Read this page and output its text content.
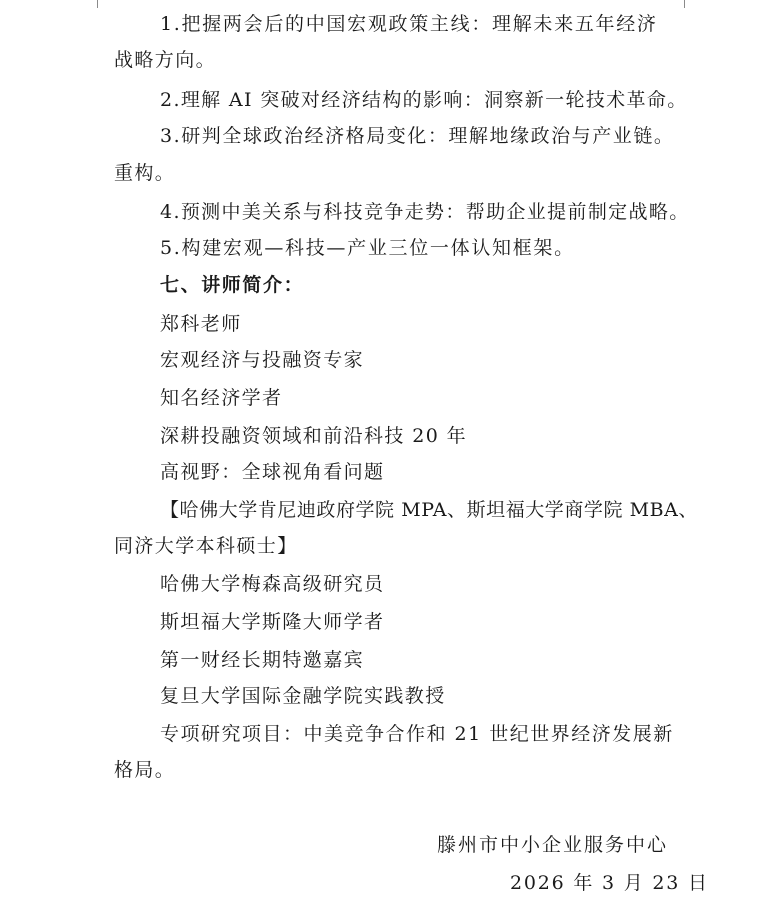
1.把握两会后的中国宏观政策主线：理解未来五年经济
战略方向。
2.理解 AI 突破对经济结构的影响：洞察新一轮技术革命。
3.研判全球政治经济格局变化：理解地缘政治与产业链。
重构。
4.预测中美关系与科技竞争走势：帮助企业提前制定战略。
5.构建宏观—科技—产业三位一体认知框架。
七、讲师简介：
郑科老师
宏观经济与投融资专家
知名经济学者
深耕投融资领域和前沿科技 20 年
高视野：全球视角看问题
【哈佛大学肯尼迪政府学院 MPA、斯坦福大学商学院 MBA、
同济大学本科硕士】
哈佛大学梅森高级研究员
斯坦福大学斯隆大师学者
第一财经长期特邀嘉宾
复旦大学国际金融学院实践教授
专项研究项目：中美竞争合作和 21 世纪世界经济发展新
格局。
滕州市中小企业服务中心
2026 年 3 月 23 日
